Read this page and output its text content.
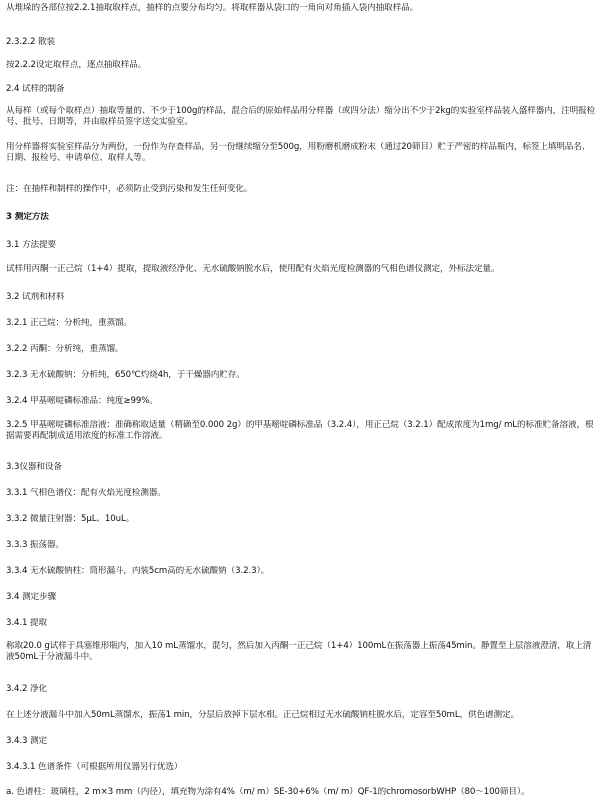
从堆垛的各部位按2.2.1抽取取样点，抽样的点要分布均匀。将取样器从袋口的一角向对角插入袋内抽取样品。
2.3.2.2 散装
按2.2.2设定取样点，逐点抽取样品。
2.4 试样的制备
从每样（或每个取样点）抽取等量的、不少于100g的样品，混合后的原始样品用分样器（或四分法）缩分出不少于2kg的实验室样品装入盛样器内，注明报检号、批号、日期等，并由取样员签字送交实验室。
用分样器将实验室样品分为两份，一份作为存查样品，另一份继续缩分至500g，用粉磨机磨成粉末（通过20筛目）贮于严密的样品瓶内，标签上填明品名、日期、报检号、申请单位、取样人等。
注：在抽样和制样的操作中，必须防止受到污染和发生任何变化。
3 测定方法
3.1 方法提要
试样用丙酮一正己烷（1+4）提取，提取液经净化、无水硫酸钠脱水后，使用配有火焰光度检测器的气相色谱仪测定，外标法定量。
3.2 试剂和材料
3.2.1 正己烷：分析纯，重蒸馏。
3.2.2 丙酮：分析纯，重蒸馏。
3.2.3 无水硫酸钠：分析纯，650℃灼烧4h，于干燥器内贮存。
3.2.4 甲基嘧啶磷标准品：纯度≥99%。
3.2.5 甲基嘧啶磷标准溶液：准确称取适量（精确至0.000 2g）的甲基嘧啶磷标准品（3.2.4），用正己烷（3.2.1）配成浓度为1mg/ mL的标准贮备溶液，根据需要再配制成适用浓度的标准工作溶液。
3.3仪器和设备
3.3.1 气相色谱仪：配有火焰光度检测器。
3.3.2 微量注射器：5μL、10uL。
3.3.3 振荡器。
3.3.4 无水硫酸钠柱：筒形漏斗，内装5cm高的无水硫酸钠（3.2.3）。
3.4 测定步骤
3.4.1 提取
称取20.0 g试样于具塞锥形瓶内，加入10 mL蒸馏水，混匀，然后加入丙酮一正己烷（1+4）100mL在振荡器上振荡45min。静置至上层溶液澄清，取上清液50mL于分液漏斗中。
3.4.2 净化
在上述分液漏斗中加入50mL蒸馏水，振荡1 min，分层后放掉下层水相。正己烷相过无水硫酸钠柱脱水后，定容至50mL，供色谱测定。
3.4.3 测定
3.4.3.1 色谱条件（可根据所用仪器另行优选）
a. 色谱柱：玻璃柱，2 m×3 mm（内径），填充物为涂有4%（m/ m）SE-30+6%（m/ m）QF-1的chromosorbWHP（80～100筛目）。
